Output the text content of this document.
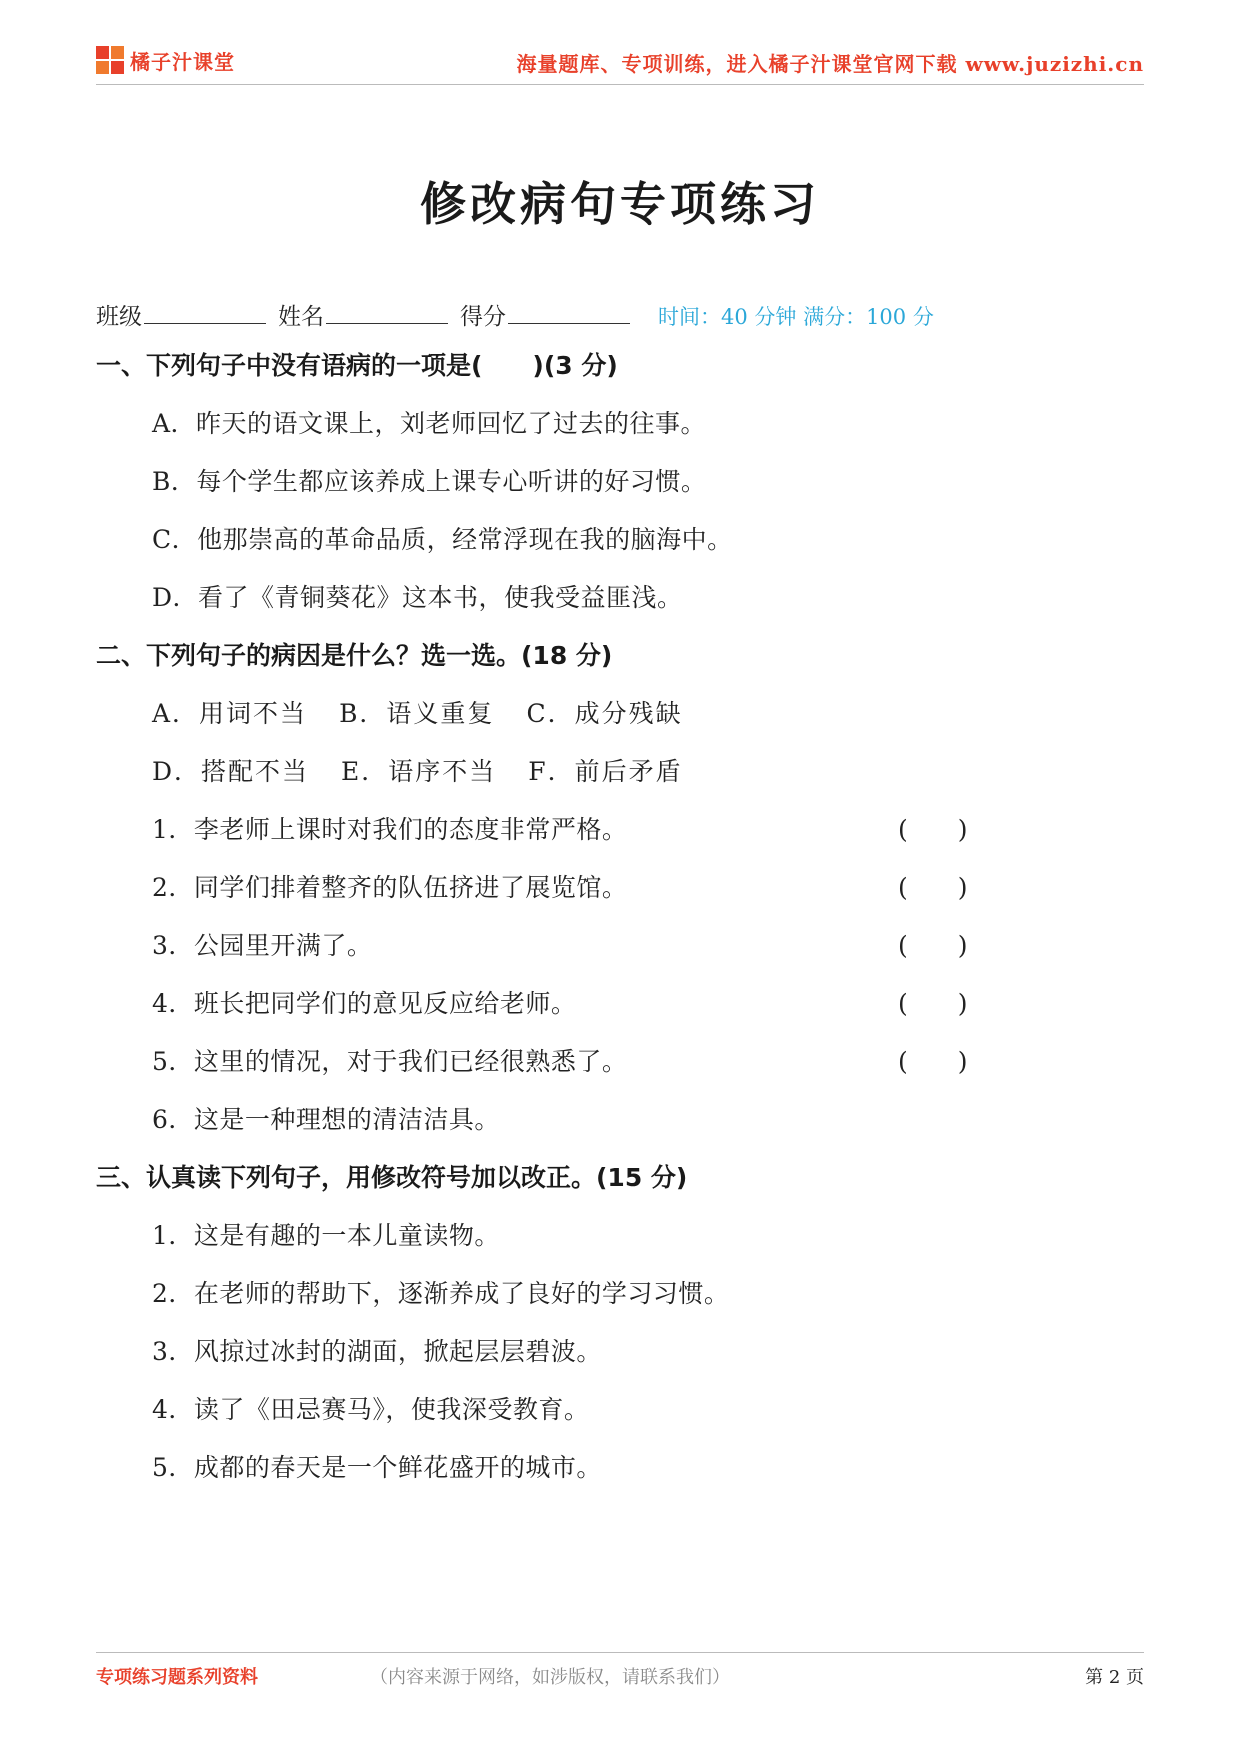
橘子汁课堂	海量题库、专项训练，进入橘子汁课堂官网下载 www.juzizhi.cn
修改病句专项练习
班级	姓名	得分	时间：40 分钟 满分：100 分
一、下列句子中没有语病的一项是(　　)(3 分)
A．昨天的语文课上，刘老师回忆了过去的往事。
B．每个学生都应该养成上课专心听讲的好习惯。
C．他那崇高的革命品质，经常浮现在我的脑海中。
D．看了《青铜葵花》这本书，使我受益匪浅。
二、下列句子的病因是什么？选一选。(18 分)
A．用词不当 B．语义重复 C．成分残缺
D．搭配不当 E．语序不当 F．前后矛盾
1．李老师上课时对我们的态度非常严格。	(　　)
2．同学们排着整齐的队伍挤进了展览馆。	(　　)
3．公园里开满了。	(　　)
4．班长把同学们的意见反应给老师。	(　　)
5．这里的情况，对于我们已经很熟悉了。	(　　)
6．这是一种理想的清洁洁具。
三、认真读下列句子，用修改符号加以改正。(15 分)
1．这是有趣的一本儿童读物。
2．在老师的帮助下，逐渐养成了良好的学习习惯。
3．风掠过冰封的湖面，掀起层层碧波。
4．读了《田忌赛马》，使我深受教育。
5．成都的春天是一个鲜花盛开的城市。
专项练习题系列资料	（内容来源于网络，如涉版权，请联系我们）	第 2 页
